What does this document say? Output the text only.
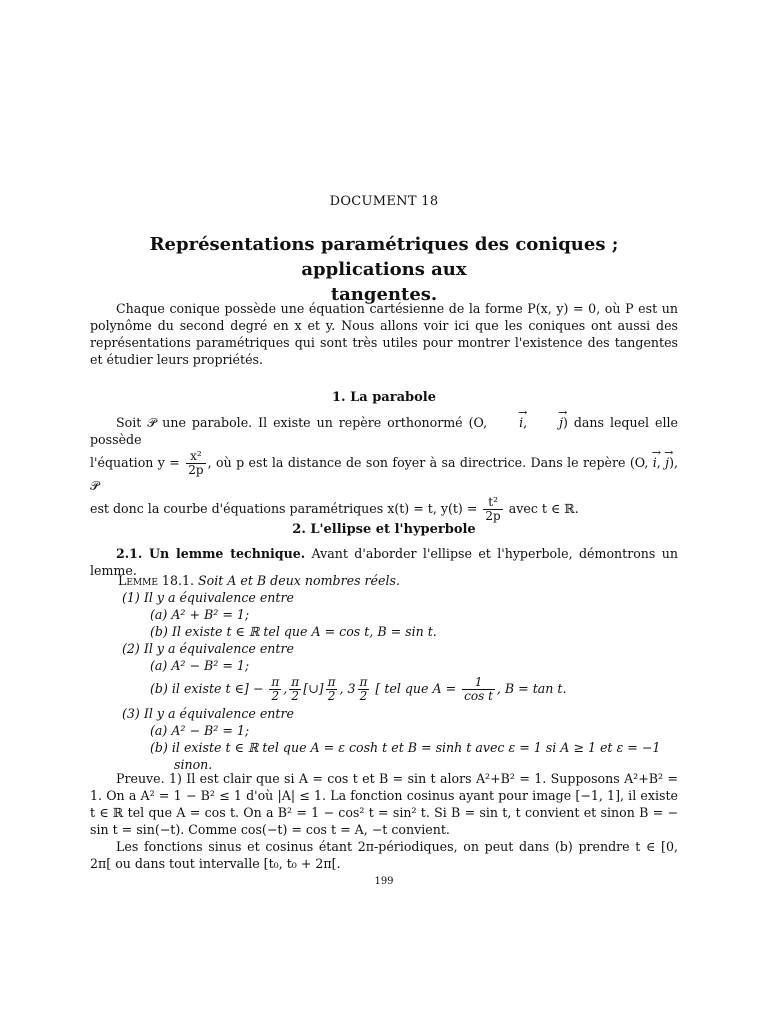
DOCUMENT 18
Représentations paramétriques des coniques ; applications aux
tangentes.

Chaque conique possède une équation cartésienne de la forme P(x, y) = 0, où P est un polynôme du second degré en x et y. Nous allons voir ici que les coniques ont aussi des représentations paramétriques qui sont très utiles pour montrer l'existence des tangentes et étudier leurs propriétés.

1. La parabole

Soit 𝒫 une parabole. Il existe un repère orthonormé (O, → i, → j) dans lequel elle possède

l'équation $y = \frac{\text{x²}}{2p}$ , où p est la distance de son foyer à sa directrice. Dans le repère (O, → i, → j), 𝒫

est donc la courbe d'équations paramétriques x(t) = t, $y(t) = \frac{\text{t²}}{2p}$ avec t ∈ ℝ.

2. L'ellipse et l'hyperbole

2.1. Un lemme technique. Avant d'aborder l'ellipse et l'hyperbole, démontrons un lemme.

Lemme 18.1. Soit A et B deux nombres réels.

(1) Il y a équivalence entre

(a) A² + B² = 1;

(b) Il existe t ∈ ℝ tel que A = cos t, B = sin t.

(2) Il y a équivalence entre

(a) A² − B² = 1;

(b) il existe t ∈] − $\frac{\pi}{2}$ , $\frac{\pi}{2}$ [∪] $\frac{\pi}{2}$ , $3 \frac{\pi}{2}$ [ tel que $A = \frac{1}{\text{cos t}}$ , B = tan t.

(3) Il y a équivalence entre

(a) A² − B² = 1;

(b) il existe t ∈ ℝ tel que A = ε cosh t et B = sinh t avec ε = 1 si A ≥ 1 et ε = −1

sinon.

Preuve. 1) Il est clair que si A = cos t et B = sin t alors A²+B² = 1. Supposons A²+B² = 1. On a A² = 1 − B² ≤ 1 d'où |A| ≤ 1. La fonction cosinus ayant pour image [−1, 1], il existe t ∈ ℝ tel que A = cos t. On a B² = 1 − cos² t = sin² t. Si B = sin t, t convient et sinon B = − sin t = sin(−t). Comme cos(−t) = cos t = A, −t convient.

Les fonctions sinus et cosinus étant 2π-périodiques, on peut dans (b) prendre t ∈ [0, 2π[ ou dans tout intervalle [t₀, t₀ + 2π[.

199
